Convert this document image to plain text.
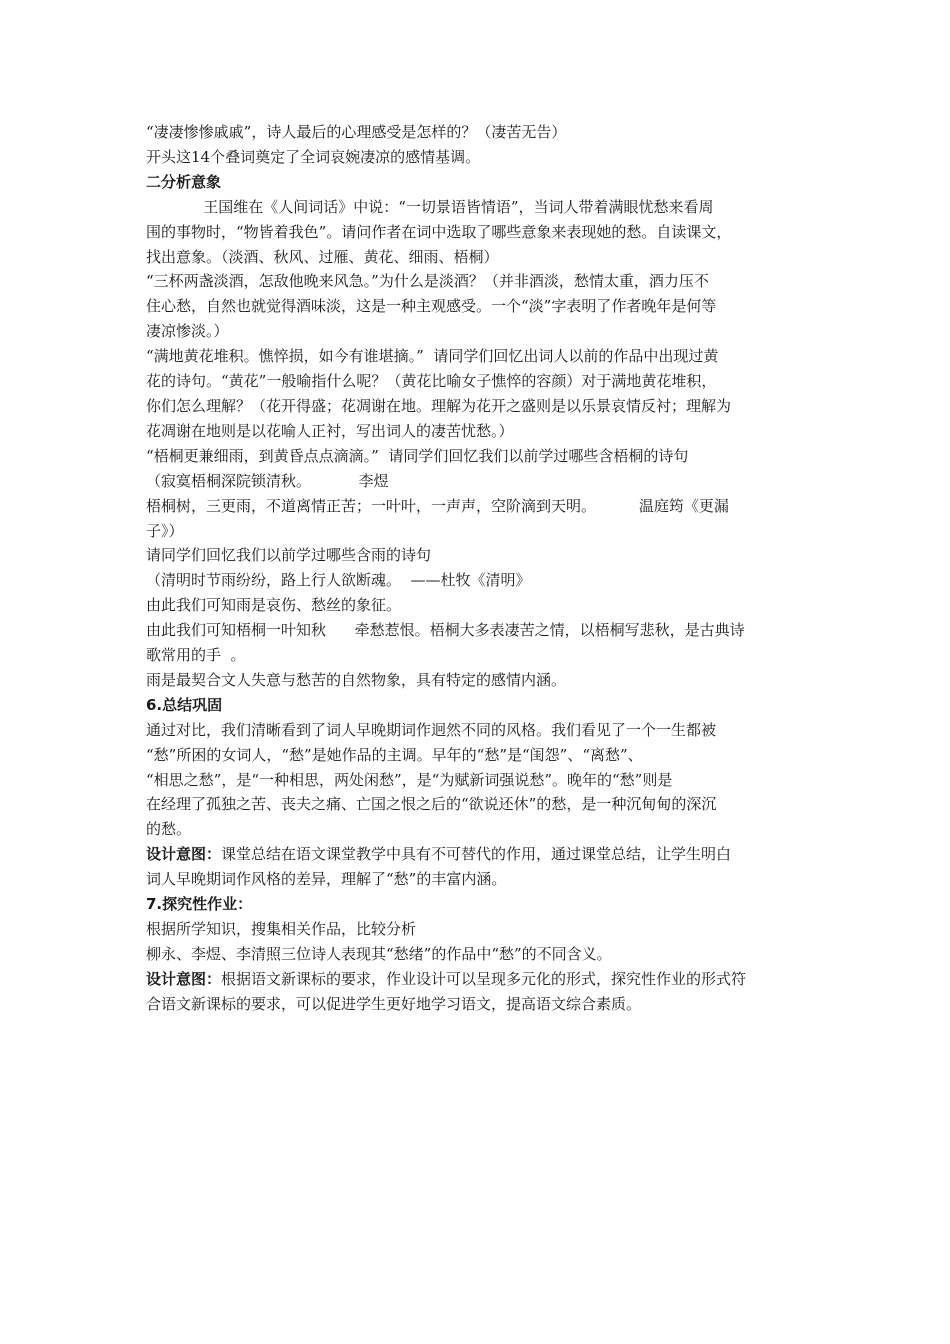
“凄凄惨惨戚戚”，诗人最后的心理感受是怎样的？（凄苦无告）

开头这14个叠词奠定了全词哀婉凄凉的感情基调。

二分析意象

王国维在《人间词话》中说：“一切景语皆情语”，当词人带着满眼忧愁来看周

围的事物时，“物皆着我色”。请问作者在词中选取了哪些意象来表现她的愁。自读课文，

找出意象。（淡酒、秋风、过雁、黄花、细雨、梧桐）

“三杯两盏淡酒，怎敌他晚来风急。”为什么是淡酒？（并非酒淡，愁情太重，酒力压不

住心愁，自然也就觉得酒味淡，这是一种主观感受。一个“淡”字表明了作者晚年是何等

凄凉惨淡。）

“满地黄花堆积。憔悴损，如今有谁堪摘。”  请同学们回忆出词人以前的作品中出现过黄

花的诗句。“黄花”一般喻指什么呢？（黄花比喻女子憔悴的容颜）对于满地黄花堆积，

你们怎么理解？（花开得盛；花凋谢在地。理解为花开之盛则是以乐景哀情反衬；理解为

花凋谢在地则是以花喻人正衬，写出词人的凄苦忧愁。）

“梧桐更兼细雨，到黄昏点点滴滴。”  请同学们回忆我们以前学过哪些含梧桐的诗句

（寂寞梧桐深院锁清秋。          李煜

梧桐树，三更雨，不道离情正苦；一叶叶，一声声，空阶滴到天明。         温庭筠《更漏

子》）

请同学们回忆我们以前学过哪些含雨的诗句

（清明时节雨纷纷，路上行人欲断魂。  ——杜牧《清明》

由此我们可知雨是哀伤、愁丝的象征。

由此我们可知梧桐一叶知秋      牵愁惹恨。梧桐大多表凄苦之情，以梧桐写悲秋，是古典诗

歌常用的手  。

雨是最契合文人失意与愁苦的自然物象，具有特定的感情内涵。

6.总结巩固

通过对比，我们清晰看到了词人早晚期词作迥然不同的风格。我们看见了一个一生都被

“愁”所困的女词人，“愁”是她作品的主调。早年的“愁”是“闺怨”、“离愁”、

“相思之愁”，是“一种相思，两处闲愁”，是“为赋新词强说愁”。晚年的“愁”则是

在经理了孤独之苦、丧夫之痛、亡国之恨之后的“欲说还休”的愁，是一种沉甸甸的深沉

的愁。

设计意图：课堂总结在语文课堂教学中具有不可替代的作用，通过课堂总结，让学生明白

词人早晚期词作风格的差异，理解了“愁”的丰富内涵。

7.探究性作业：

根据所学知识，搜集相关作品，比较分析

柳永、李煜、李清照三位诗人表现其“愁绪”的作品中“愁”的不同含义。

设计意图：根据语文新课标的要求，作业设计可以呈现多元化的形式，探究性作业的形式符

合语文新课标的要求，可以促进学生更好地学习语文，提高语文综合素质。
